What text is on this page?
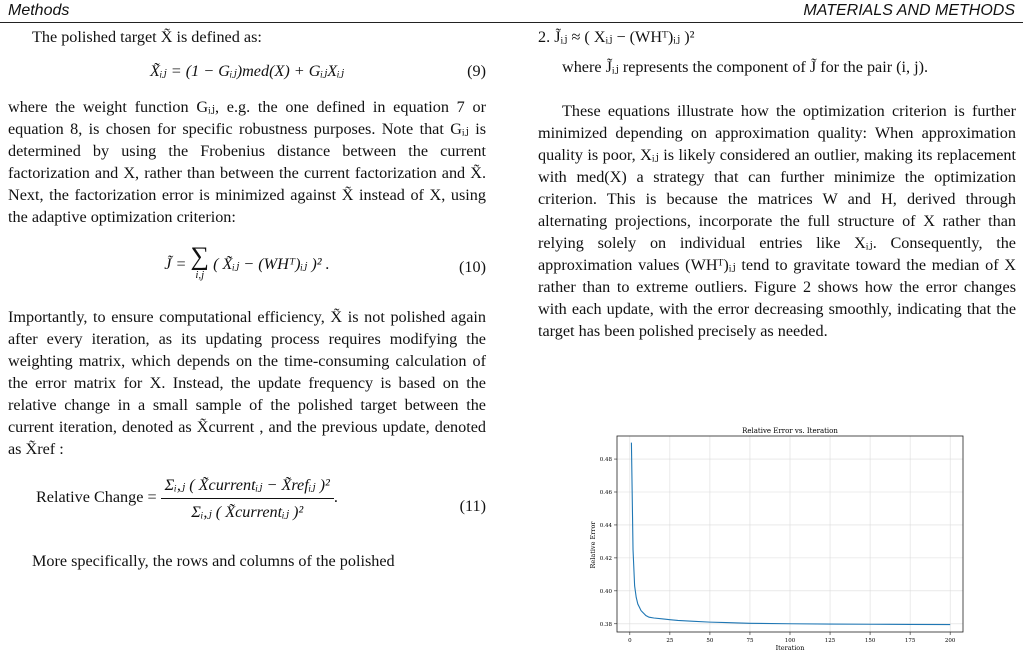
Methods	MATERIALS AND METHODS

The polished target X̃ is defined as:

X̃ᵢⱼ = (1 − Gᵢⱼ)med(X) + GᵢⱼXᵢⱼ	(9)

where the weight function Gᵢⱼ, e.g. the one defined in equation 7 or equation 8, is chosen for specific robustness purposes. Note that Gᵢⱼ is determined by using the Frobenius distance between the current factorization and X, rather than between the current factorization and X̃. Next, the factorization error is minimized against X̃ instead of X, using the adaptive optimization criterion:

J̃ = ∑
$_{i,j}$ ( X̃ᵢⱼ − (WHᵀ)ᵢⱼ )² .	(10)

Importantly, to ensure computational efficiency, X̃ is not polished again after every iteration, as its updating process requires modifying the weighting matrix, which depends on the time-consuming calculation of the error matrix for X. Instead, the update frequency is based on the relative change in a small sample of the polished target between the current iteration, denoted as X̃current , and the previous update, denoted as X̃ref :

Relative Change = $\frac{\text{Σᵢ,ⱼ ( X̃currentᵢⱼ − X̃refᵢⱼ )²}}{\text{Σᵢ,ⱼ ( X̃currentᵢⱼ )²}}$ .	(11)

More specifically, the rows and columns of the polished

2. J̃ᵢⱼ ≈ ( Xᵢⱼ − (WHᵀ)ᵢⱼ )²

where J̃ᵢⱼ represents the component of J̃ for the pair (i, j).

These equations illustrate how the optimization criterion is further minimized depending on approximation quality: When approximation quality is poor, Xᵢⱼ is likely considered an outlier, making its replacement with med(X) a strategy that can further minimize the optimization criterion. This is because the matrices W and H, derived through alternating projections, incorporate the full structure of X rather than relying solely on individual entries like Xᵢⱼ. Consequently, the approximation values (WHᵀ)ᵢⱼ tend to gravitate toward the median of X rather than to extreme outliers. Figure 2 shows how the error changes with each update, with the error decreasing smoothly, indicating that the target has been polished precisely as needed.

Relative Error vs. Iteration
Relative Error
Iteration
0	25	50	75	100	125	150	175	200
0.38
0.40
0.42
0.44
0.46
0.48
